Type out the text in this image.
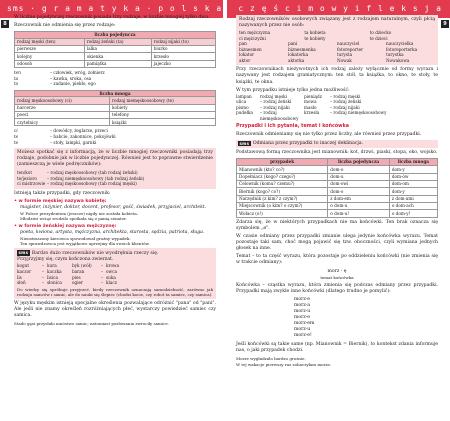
sms · g r a m a t y k a · p o l s k a c z ę ś c i m o w y i f l e k s j a
8	9

W liczbie pojedynczej rzeczownik posiada trzy rodzaje, w liczbie mnogiej tylko dwa.

Rzeczownik nie odmienia się przez rodzaje:

liczba pojedyncza
rodzaj męski (ten)	rodzaj żeński (ta)	rodzaj nijaki (to)
pierwsze	lalka	biurko
kolejny	okienka	krzesło
odosob	pamiątka	jajeczko
ten	– człowiek, wróg, żołnierz
ta	– kawka, sroka, osa
to	– zadanie, piekło, ego
liczba mnoga
rodzaj męskoosobowy (ci)	rodzaj niemęskoosobowy (te)
harcerze	kobiety
poeci	telefony
czytelnicy	książki
ci	– dowódcy, żeglarze, przeci
te	– babcie, zakonnice, pokojówki
te	– stoły, lampki, garnki

Możesz spotkać się z informacją, że w liczbie mnogiej rzeczowniki posiadają trzy rodzaje, podobnie jak w liczbie pojedynczej. Również jest to poprawne stwierdzenie (zamieszczą je wiele podręczników):

ten/kot	– rodzaj męskoosobowy (tab rodzaj żeński)
te/jezioro	– rodzaj niemęskoosobowy (tab rodzaj żeński)
ci mistrzowie – rodzaj męskoosobowy (tab rodzaj męski)

Istnieją także przypadki, gdy rzeczownik:

• w formie męskiej nazywa kobietę:

magister, inżynier, doktor, docent, profesor, gość, świadek, przyjaciel, architekt.

W Polsce prezydentem (jeszcze) nigdy nie została kobieta.

Młodzież wciąż srodzilo spotkała się z panią senator.

• w formie żeńskiej nazywa mężczyznę:

poeta, kwiona, artysta, mężczyzna, architekta, starosta, sędzia, patriota, sługa.

Nieustraszony kierowca spowodował groźny wypadek.

Ten sprawdzowca jest wyjątkowo uprzejmy dla swoich klientów.

sms Bardzo dużo rzeczowników nie wyodrębnia rzeczy się.

Przyjrzyjmy się, czym kończona zwierzat.

kogut	– kura	byk (wół)	– krowa
kaczor	– kaczka	baran	– owca
lis	– lisica	pies	– suka
słoń	– słonica	ogier	– klacz

Do wiedzy się spróbuje przyjrzeć, kiedy rzeczownik oznaczają samodzielność, zarówno jak rodzaju samców i samic, ale do nauki się ślepiec (chodzi kocie, czy robot ta samiec, czy samica).

W języku męskim istnieją specjalne określenia pozwalające odróżnić "pana" od "pani". Ale jeśli nie znamy określeń rozróżniających płeć, wystarczy powiedzieć samiec czy samica.

Stado gęsi przysłało mnóstwo samic; natomiast posłowania zwrociły samice.

Rodzaj rzeczowników osobowych związany jest z rodzajem naturalnym, czyli płcią nazywanych przez nie osób:

ten mężczyzna	ta kobieta	to dziecko
ci mężczyźni	te kobiety	te dzieci
pan	pani	nauczyciel	nauczycielka
biznesmen	biznesmenka	fotoreporter	fotoreporterka
lokator	lokatorka	turysta	turystka
aktor	aktorka	Nowak	Nowakowa

Przy rzeczownikach nieżywotnych ich rodzaj zależy wyłącznie od formy wyrazu i nazywany jest rodzajem gramatycznym: ten stół, ta książka, to okno, te stoły, te książki, te okna.

W tym przypadku istnieje tylko jedna możliwość:

lampan	rodzaj męski	pieniądz	– rodzaj męski
ulica	– rodzaj żeński	mowa	– rodzaj żeński
pismo	– rodzaj nijaki	masło	– rodzaj nijaki
pudełka	– rodzaj niemęskoosobowy
krzesła	– rodzaj niemęskoosobowy
Przypadki i ich pytania, temat i końcówka

Rzeczownik odmieniamy się nie tylko przez liczby, ale również przez przypadki.

sms Odmiana przez przypadki to inaczej deklinacja.

Podstawową formą rzeczownika jest mianownik: kot, drzwi, piaski, stopa, oko, wojsko.

przypadek	liczba pojedyncza	liczba mnoga
Mianownik (kto? co?)	dom-o	dom-y
Dopełniacz (kogo? czego?)	dom-u	dom-ów
Celownik (komu? czemu?)	dom-owi	dom-om
Biernik (kogo? co?)	dom-o	dom-y
Narzędnik (z kim? z czym?)	z dom-em	z dom-ami
Miejscownik (o kim? o czym?)	o dom-u	o dom-ach
Wołacz (o!)	o dom-u!	o dom-y!

Zdarza się, że w niektórych przypadkach nie ma końcówki. Ten brak oznacza się symbolem „ø".

W czasie odmiany przez przypadki zmianie ulega jedynie końcówka wyrazu. Temat pozostaje taki sam, choć mogą pojawić się tzw. oboczności, czyli wymiana jednych głosek na inne.

Temat – to ta część wyrazu, która pozostaje po oddzieleniu końcówki (nie zmienia się w trakcie odmiany):

morz - ę
temat końcówka

Końcówka – cząstka wyrazu, która zmienia się podczas odmiany przez przypadki. Przypadki mają zwykle inne końcówki (dlatego trudno je pomylić):

morz-e
morz-a
morz-u
morz-e
morz-em
morz-u
morz-e!

Jeśli końcówki są takie same (np. Mianownik = Biernik), to kontekst zdania informuje nas, o jaki przypadek chodzi.

Morze wygładzało bardzo grożnie.

W tej wakacje pierwszy raz zobaczyłam morze.
